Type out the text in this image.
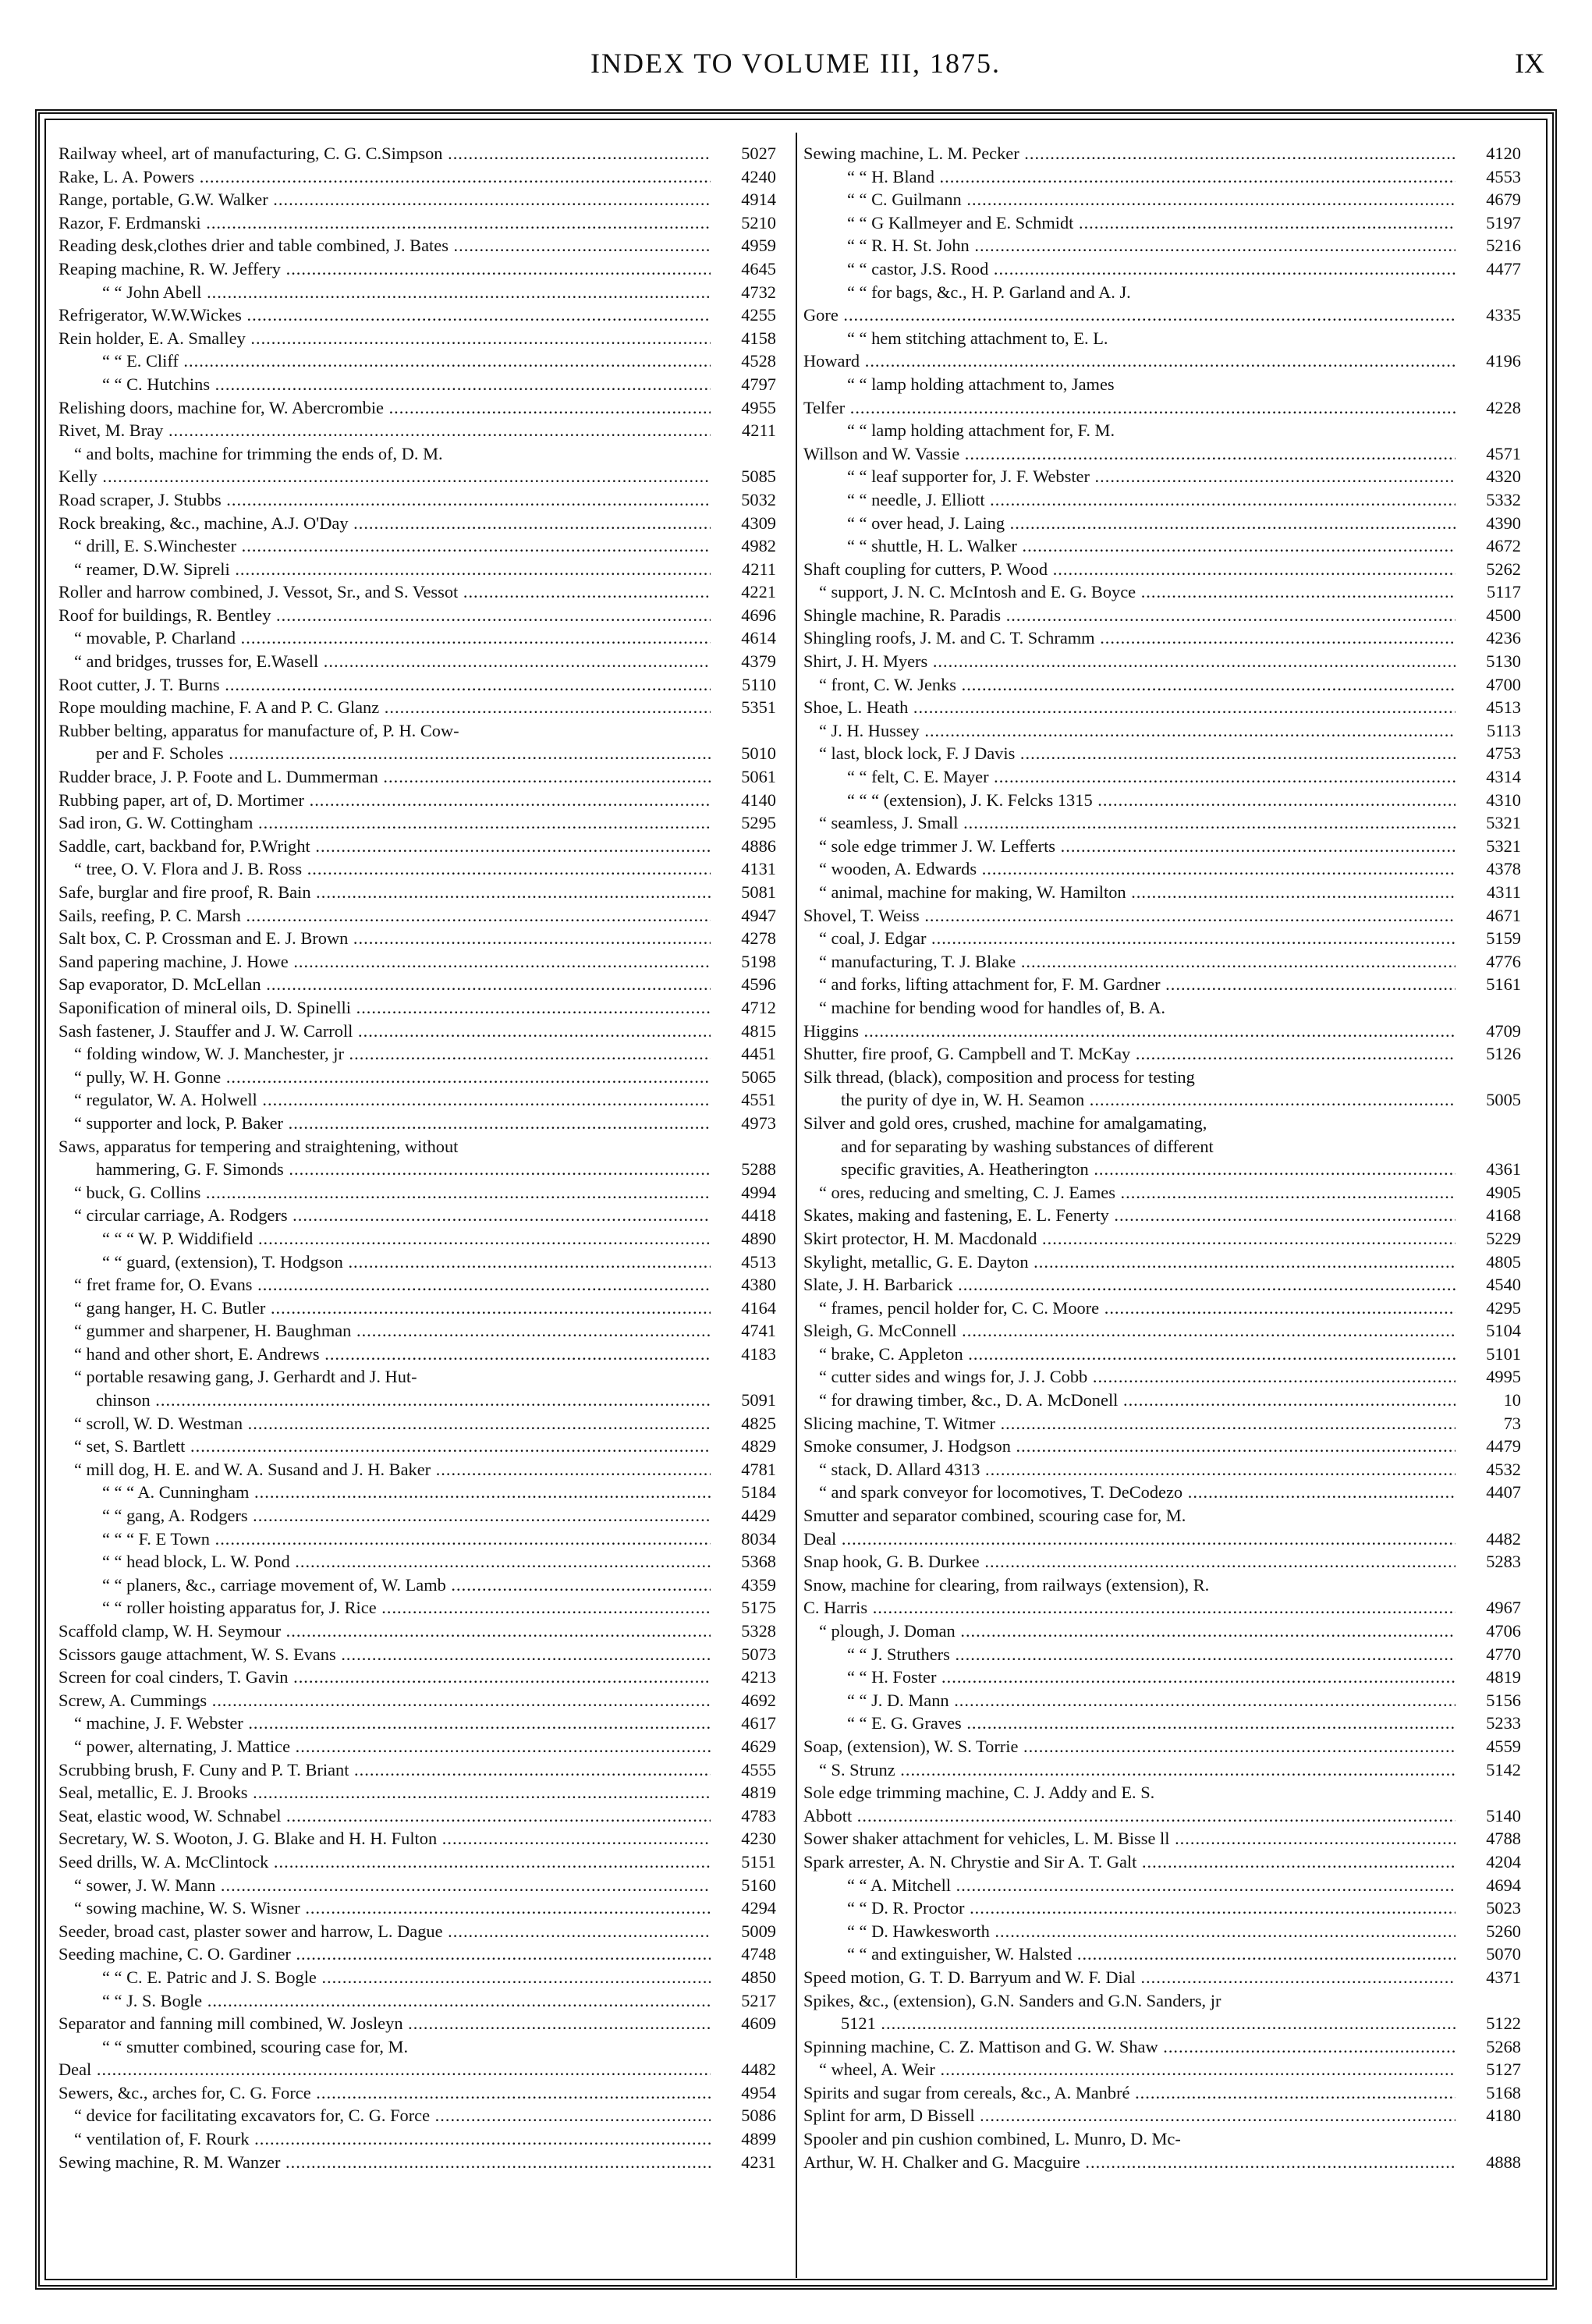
INDEX TO VOLUME III, 1875.	IX
Railway wheel, art of manufacturing, C. G. C.Simpson .....	5027
Rake, L. A. Powers .....	4240
Range, portable, G.W. Walker .....	4914
Razor, F. Erdmanski .....	5210
Reading desk,clothes drier and table combined, J. Bates .....	4959
Reaping machine, R. W. Jeffery .....	4645
“ “ John Abell .....	4732
Refrigerator, W.W.Wickes .....	4255
Rein holder, E. A. Smalley .....	4158
“ “ E. Cliff .....	4528
“ “ C. Hutchins .....	4797
Relishing doors, machine for, W. Abercrombie .....	4955
Rivet, M. Bray .....	4211
“ and bolts, machine for trimming the ends of, D. M.
Kelly .....	5085
Road scraper, J. Stubbs .....	5032
Rock breaking, &c., machine, A.J. O'Day .....	4309
“ drill, E. S.Winchester .....	4982
“ reamer, D.W. Sipreli .....	4211
Roller and harrow combined, J. Vessot, Sr., and S. Vessot .....	4221
Roof for buildings, R. Bentley .....	4696
“ movable, P. Charland .....	4614
“ and bridges, trusses for, E.Wasell .....	4379
Root cutter, J. T. Burns .....	5110
Rope moulding machine, F. A and P. C. Glanz .....	5351
Rubber belting, apparatus for manufacture of, P. H. Cow-
per and F. Scholes .....	5010
Rudder brace, J. P. Foote and L. Dummerman .....	5061
Rubbing paper, art of, D. Mortimer .....	4140
Sad iron, G. W. Cottingham .....	5295
Saddle, cart, backband for, P.Wright .....	4886
“ tree, O. V. Flora and J. B. Ross .....	4131
Safe, burglar and fire proof, R. Bain .....	5081
Sails, reefing, P. C. Marsh .....	4947
Salt box, C. P. Crossman and E. J. Brown .....	4278
Sand papering machine, J. Howe .....	5198
Sap evaporator, D. McLellan .....	4596
Saponification of mineral oils, D. Spinelli .....	4712
Sash fastener, J. Stauffer and J. W. Carroll .....	4815
“ folding window, W. J. Manchester, jr .....	4451
“ pully, W. H. Gonne .....	5065
“ regulator, W. A. Holwell .....	4551
“ supporter and lock, P. Baker .....	4973
Saws, apparatus for tempering and straightening, without
hammering, G. F. Simonds .....	5288
“ buck, G. Collins .....	4994
“ circular carriage, A. Rodgers .....	4418
“ “ “ W. P. Widdifield .....	4890
“ “ guard, (extension), T. Hodgson .....	4513
“ fret frame for, O. Evans .....	4380
“ gang hanger, H. C. Butler .....	4164
“ gummer and sharpener, H. Baughman .....	4741
“ hand and other short, E. Andrews .....	4183
“ portable resawing gang, J. Gerhardt and J. Hut-
chinson .....	5091
“ scroll, W. D. Westman .....	4825
“ set, S. Bartlett .....	4829
“ mill dog, H. E. and W. A. Susand and J. H. Baker .....	4781
“ “ “ A. Cunningham .....	5184
“ “ gang, A. Rodgers .....	4429
“ “ “ F. E Town .....	8034
“ “ head block, L. W. Pond .....	5368
“ “ planers, &c., carriage movement of, W. Lamb .....	4359
“ “ roller hoisting apparatus for, J. Rice .....	5175
Scaffold clamp, W. H. Seymour .....	5328
Scissors gauge attachment, W. S. Evans .....	5073
Screen for coal cinders, T. Gavin .....	4213
Screw, A. Cummings .....	4692
“ machine, J. F. Webster .....	4617
“ power, alternating, J. Mattice .....	4629
Scrubbing brush, F. Cuny and P. T. Briant .....	4555
Seal, metallic, E. J. Brooks .....	4819
Seat, elastic wood, W. Schnabel .....	4783
Secretary, W. S. Wooton, J. G. Blake and H. H. Fulton .....	4230
Seed drills, W. A. McClintock .....	5151
“ sower, J. W. Mann .....	5160
“ sowing machine, W. S. Wisner .....	4294
Seeder, broad cast, plaster sower and harrow, L. Dague .....	5009
Seeding machine, C. O. Gardiner .....	4748
“ “ C. E. Patric and J. S. Bogle .....	4850
“ “ J. S. Bogle .....	5217
Separator and fanning mill combined, W. Josleyn .....	4609
“ “ smutter combined, scouring case for, M.
Deal .....	4482
Sewers, &c., arches for, C. G. Force .....	4954
“ device for facilitating excavators for, C. G. Force .....	5086
“ ventilation of, F. Rourk .....	4899
Sewing machine, R. M. Wanzer .....	4231
Sewing machine, L. M. Pecker .....	4120
“ “ H. Bland .....	4553
“ “ C. Guilmann .....	4679
“ “ G Kallmeyer and E. Schmidt .....	5197
“ “ R. H. St. John .....	5216
“ “ castor, J.S. Rood .....	4477
“ “ for bags, &c., H. P. Garland and A. J.
Gore .....	4335
“ “ hem stitching attachment to, E. L.
Howard .....	4196
“ “ lamp holding attachment to, James
Telfer .....	4228
“ “ lamp holding attachment for, F. M.
Willson and W. Vassie .....	4571
“ “ leaf supporter for, J. F. Webster .....	4320
“ “ needle, J. Elliott .....	5332
“ “ over head, J. Laing .....	4390
“ “ shuttle, H. L. Walker .....	4672
Shaft coupling for cutters, P. Wood .....	5262
“ support, J. N. C. McIntosh and E. G. Boyce .....	5117
Shingle machine, R. Paradis .....	4500
Shingling roofs, J. M. and C. T. Schramm .....	4236
Shirt, J. H. Myers .....	5130
“ front, C. W. Jenks .....	4700
Shoe, L. Heath .....	4513
“ J. H. Hussey .....	5113
“ last, block lock, F. J Davis .....	4753
“ “ felt, C. E. Mayer .....	4314
“ “ “ (extension), J. K. Felcks 1315 .....	4310
“ seamless, J. Small .....	5321
“ sole edge trimmer J. W. Lefferts .....	5321
“ wooden, A. Edwards .....	4378
“ animal, machine for making, W. Hamilton .....	4311
Shovel, T. Weiss .....	4671
“ coal, J. Edgar .....	5159
“ manufacturing, T. J. Blake .....	4776
“ and forks, lifting attachment for, F. M. Gardner .....	5161
“ machine for bending wood for handles of, B. A.
Higgins .....	4709
Shutter, fire proof, G. Campbell and T. McKay .....	5126
Silk thread, (black), composition and process for testing
the purity of dye in, W. H. Seamon .....	5005
Silver and gold ores, crushed, machine for amalgamating,
and for separating by washing substances of different
specific gravities, A. Heatherington .....	4361
“ ores, reducing and smelting, C. J. Eames .....	4905
Skates, making and fastening, E. L. Fenerty .....	4168
Skirt protector, H. M. Macdonald .....	5229
Skylight, metallic, G. E. Dayton .....	4805
Slate, J. H. Barbarick .....	4540
“ frames, pencil holder for, C. C. Moore .....	4295
Sleigh, G. McConnell .....	5104
“ brake, C. Appleton .....	5101
“ cutter sides and wings for, J. J. Cobb .....	4995
“ for drawing timber, &c., D. A. McDonell .....	10
Slicing machine, T. Witmer .....	73
Smoke consumer, J. Hodgson .....	4479
“ stack, D. Allard 4313 .....	4532
“ and spark conveyor for locomotives, T. DeCodezo .....	4407
Smutter and separator combined, scouring case for, M.
Deal .....	4482
Snap hook, G. B. Durkee .....	5283
Snow, machine for clearing, from railways (extension), R.
C. Harris .....	4967
“ plough, J. Doman .....	4706
“ “ J. Struthers .....	4770
“ “ H. Foster .....	4819
“ “ J. D. Mann .....	5156
“ “ E. G. Graves .....	5233
Soap, (extension), W. S. Torrie .....	4559
“ S. Strunz .....	5142
Sole edge trimming machine, C. J. Addy and E. S.
Abbott .....	5140
Sower shaker attachment for vehicles, L. M. Bisse ll .....	4788
Spark arrester, A. N. Chrystie and Sir A. T. Galt .....	4204
“ “ A. Mitchell .....	4694
“ “ D. R. Proctor .....	5023
“ “ D. Hawkesworth .....	5260
“ “ and extinguisher, W. Halsted .....	5070
Speed motion, G. T. D. Barryum and W. F. Dial .....	4371
Spikes, &c., (extension), G.N. Sanders and G.N. Sanders, jr
5121 .....	5122
Spinning machine, C. Z. Mattison and G. W. Shaw .....	5268
“ wheel, A. Weir .....	5127
Spirits and sugar from cereals, &c., A. Manbré .....	5168
Splint for arm, D Bissell .....	4180
Spooler and pin cushion combined, L. Munro, D. Mc-
Arthur, W. H. Chalker and G. Macguire .....	4888
